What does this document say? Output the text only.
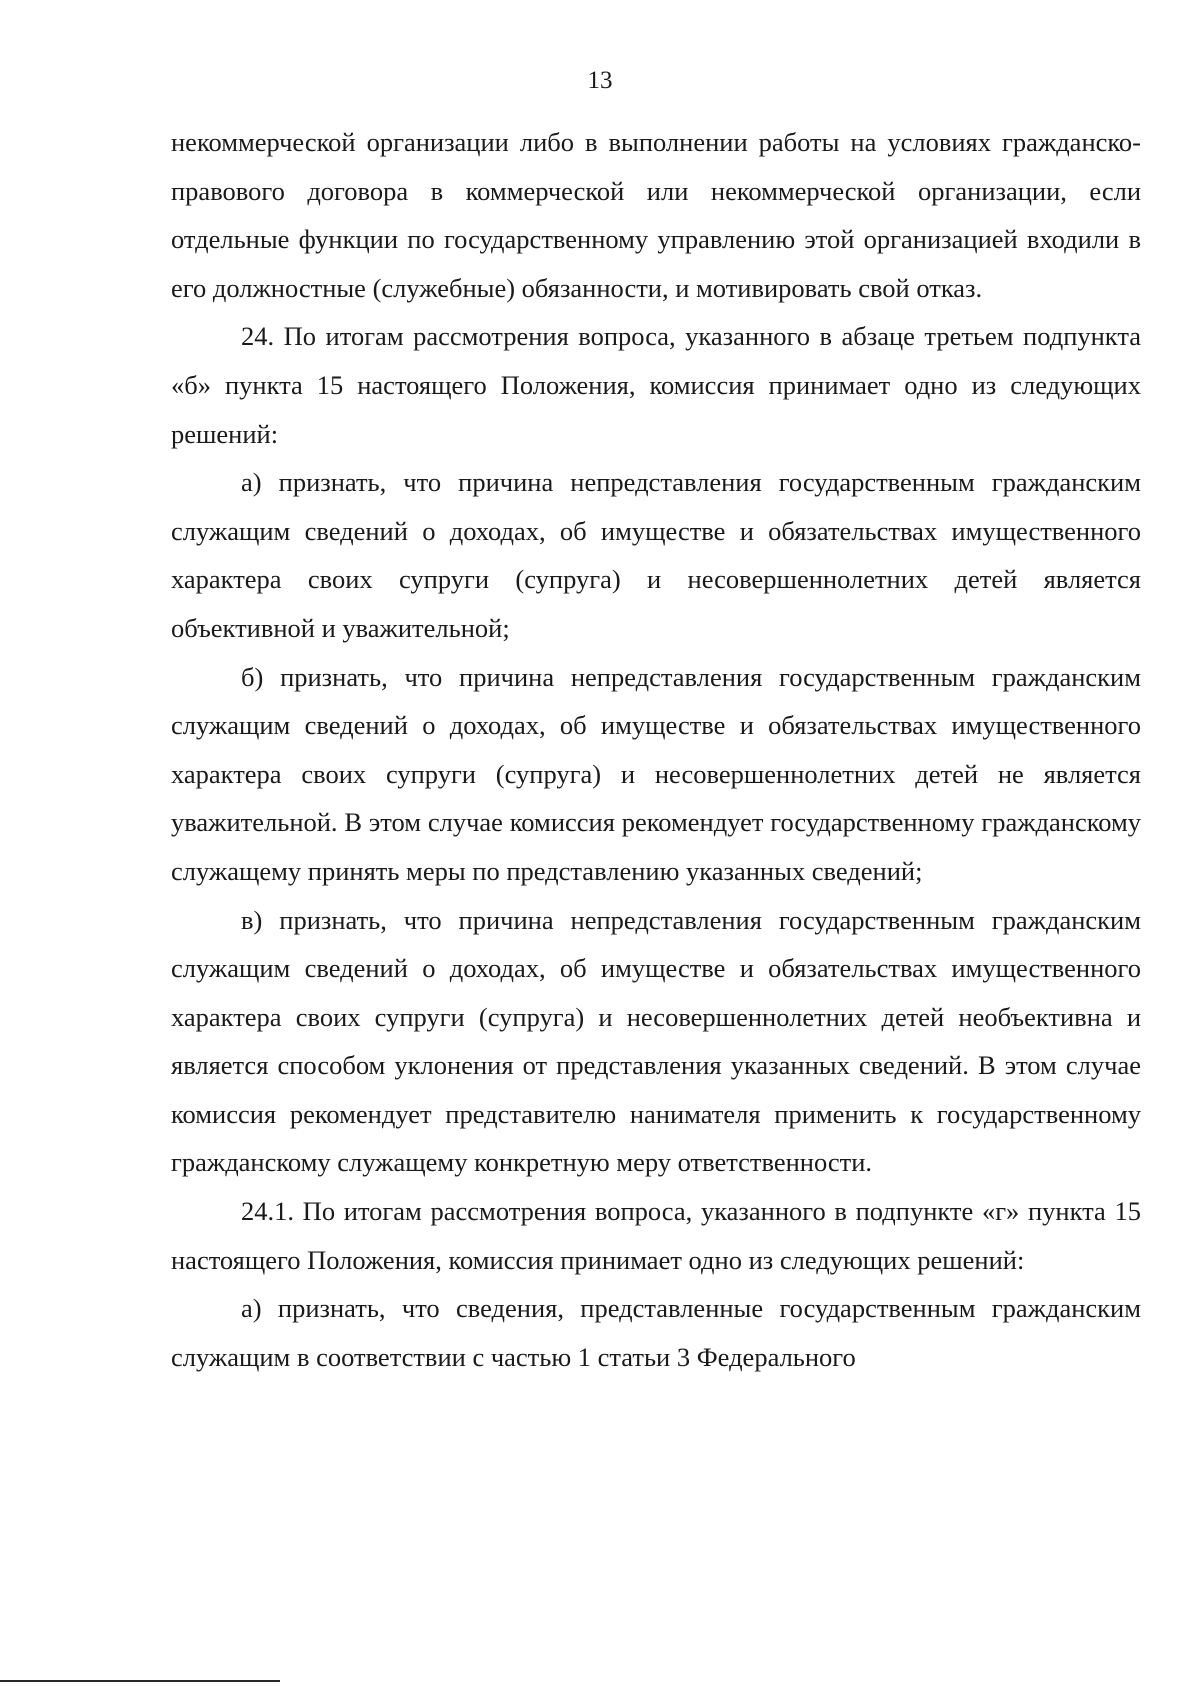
13

некоммерческой организации либо в выполнении работы на условиях гражданско-правового договора в коммерческой или некоммерческой организации, если отдельные функции по государственному управлению этой организацией входили в его должностные (служебные) обязанности, и мотивировать свой отказ.

24. По итогам рассмотрения вопроса, указанного в абзаце третьем подпункта «б» пункта 15 настоящего Положения, комиссия принимает одно из следующих решений:

а) признать, что причина непредставления государственным гражданским служащим сведений о доходах, об имуществе и обязательствах имущественного характера своих супруги (супруга) и несовершеннолетних детей является объективной и уважительной;

б) признать, что причина непредставления государственным гражданским служащим сведений о доходах, об имуществе и обязательствах имущественного характера своих супруги (супруга) и несовершеннолетних детей не является уважительной. В этом случае комиссия рекомендует государственному гражданскому служащему принять меры по представлению указанных сведений;

в) признать, что причина непредставления государственным гражданским служащим сведений о доходах, об имуществе и обязательствах имущественного характера своих супруги (супруга) и несовершеннолетних детей необъективна и является способом уклонения от представления указанных сведений. В этом случае комиссия рекомендует представителю нанимателя применить к государственному гражданскому служащему конкретную меру ответственности.

24.1. По итогам рассмотрения вопроса, указанного в подпункте «г» пункта 15 настоящего Положения, комиссия принимает одно из следующих решений:

а) признать, что сведения, представленные государственным гражданским служащим в соответствии с частью 1 статьи 3 Федерального
